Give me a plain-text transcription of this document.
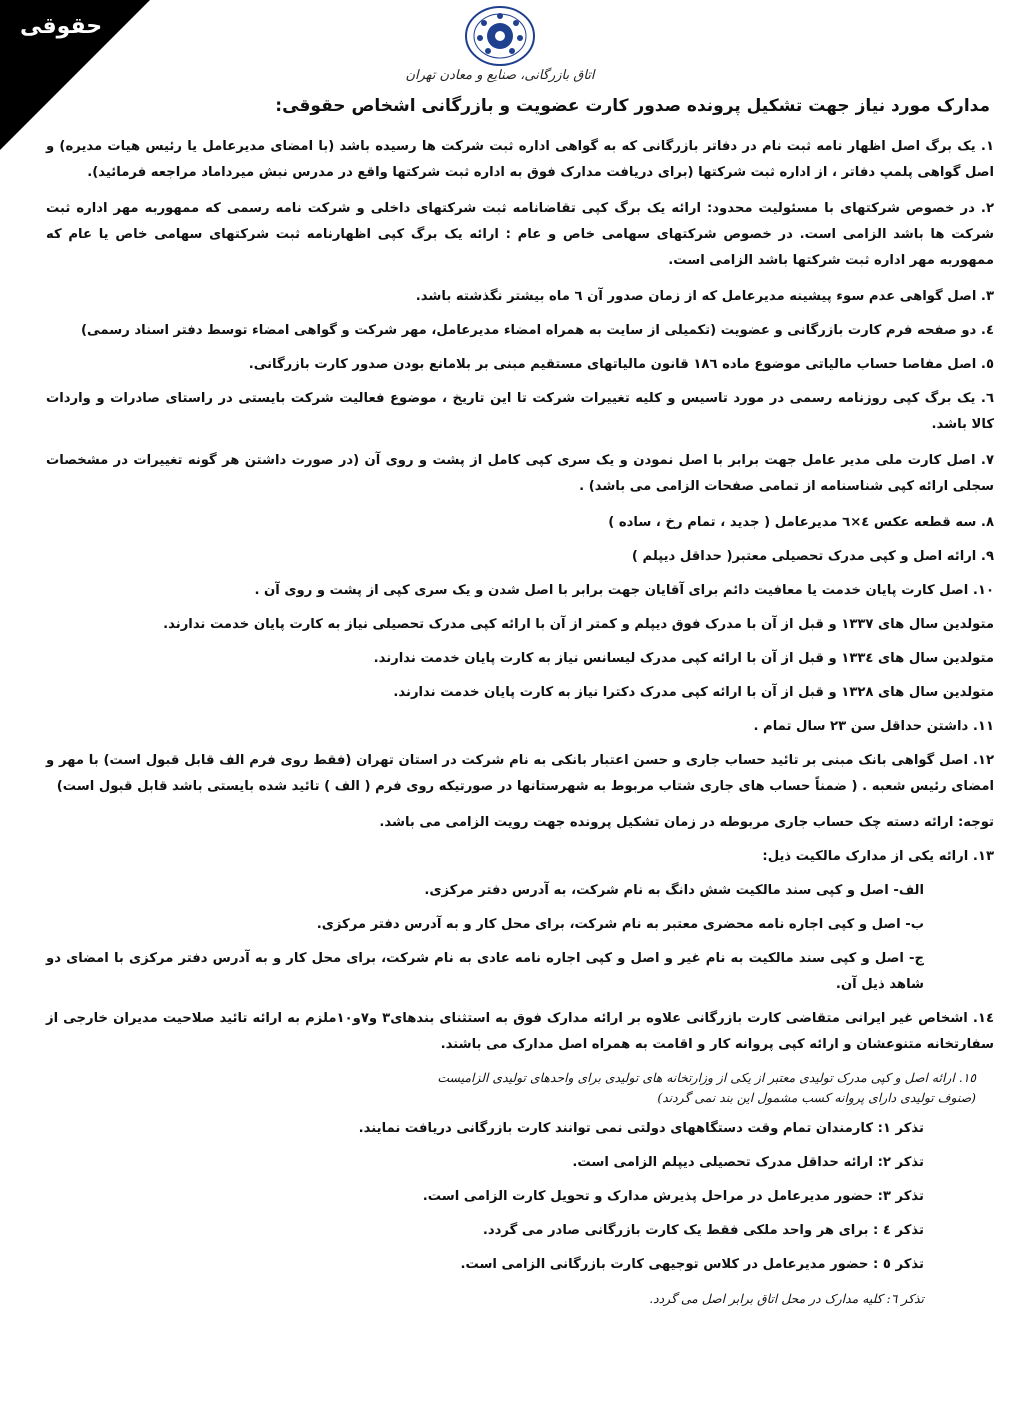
حقوقی
اتاق بازرگانی، صنایع و معادن تهران
مدارک مورد نیاز جهت تشکیل پرونده صدور کارت عضویت و بازرگانی اشخاص حقوقی:

۱. یک برگ اصل اظهار نامه ثبت نام در دفاتر بازرگانی که به گواهی اداره ثبت شرکت ها رسیده باشد (با امضای مدیرعامل یا رئیس هیات مدیره) و اصل گواهی پلمپ دفاتر ، از اداره ثبت شرکتها (برای دریافت مدارک فوق به اداره ثبت شرکتها واقع در مدرس نبش میرداماد مراجعه فرمائید).

۲. در خصوص شرکتهای با مسئولیت محدود: ارائه یک برگ کپی تقاضانامه ثبت شرکتهای داخلی و شرکت نامه رسمی که ممهوربه مهر اداره ثبت شرکت ها باشد الزامی است. در خصوص شرکتهای سهامی خاص و عام : ارائه یک برگ کپی اظهارنامه ثبت شرکتهای سهامی خاص یا عام که ممهوربه مهر اداره ثبت شرکتها باشد الزامی است.

۳. اصل گواهی عدم سوء پیشینه مدیرعامل که از زمان صدور آن ٦ ماه بیشتر نگذشته باشد.

٤. دو صفحه فرم کارت بازرگانی و عضویت (تکمیلی از سایت به همراه امضاء مدیرعامل، مهر شرکت و گواهی امضاء توسط دفتر اسناد رسمی)

٥. اصل مفاصا حساب مالیاتی موضوع ماده ۱۸٦ قانون مالیاتهای مستقیم مبنی بر بلامانع بودن صدور کارت بازرگانی.

٦. یک برگ کپی روزنامه رسمی در مورد تاسیس و کلیه تغییرات شرکت تا این تاریخ ، موضوع فعالیت شرکت بایستی در راستای صادرات و واردات کالا باشد.

۷. اصل کارت ملی مدیر عامل جهت برابر با اصل نمودن و یک سری کپی کامل از پشت و روی آن (در صورت داشتن هر گونه تغییرات در مشخصات سجلی ارائه کپی شناسنامه از تمامی صفحات الزامی می باشد) .

۸. سه قطعه عکس ٤×٦ مدیرعامل ( جدید ، تمام رخ ، ساده )

۹. ارائه اصل و کپی مدرک تحصیلی معتبر( حداقل دیپلم )

۱۰. اصل کارت پایان خدمت یا معافیت دائم برای آقایان جهت برابر با اصل شدن و یک سری کپی از پشت و روی آن .

متولدین سال های ۱۳۳۷ و قبل از آن با مدرک فوق دیپلم و کمتر از آن با ارائه کپی مدرک تحصیلی نیاز به کارت پایان خدمت ندارند.

متولدین سال های ۱۳۳٤ و قبل از آن با ارائه کپی مدرک لیسانس نیاز به کارت پایان خدمت ندارند.

متولدین سال های ۱۳۲۸ و قبل از آن با ارائه کپی مدرک دکترا نیاز به کارت پایان خدمت ندارند.

۱۱. داشتن حداقل سن ۲۳ سال تمام .

۱۲. اصل گواهی بانک مبنی بر تائید حساب جاری و حسن اعتبار بانکی به نام شرکت در استان تهران (فقط روی فرم الف قابل قبول است) با مهر و امضای رئیس شعبه . ( ضمناً حساب های جاری شتاب مربوط به شهرستانها در صورتیکه روی فرم ( الف ) تائید شده بایستی باشد قابل قبول است)

توجه: ارائه دسته چک حساب جاری مربوطه در زمان تشکیل پرونده جهت رویت الزامی می باشد.

۱۳. ارائه یکی از مدارک مالکیت ذیل:

الف- اصل و کپی سند مالکیت شش دانگ به نام شرکت، به آدرس دفتر مرکزی.

ب- اصل و کپی اجاره نامه محضری معتبر به نام شرکت، برای محل کار و به آدرس دفتر مرکزی.

ج- اصل و کپی سند مالکیت به نام غیر و اصل و کپی اجاره نامه عادی به نام شرکت، برای محل کار و به آدرس دفتر مرکزی با امضای دو شاهد ذیل آن.

۱٤. اشخاص غیر ایرانی متقاضی کارت بازرگانی علاوه بر ارائه مدارک فوق به استثنای بندهای۳ و۷و۱۰ملزم به ارائه تائید صلاحیت مدیران خارجی از سفارتخانه متنوعشان و ارائه کپی پروانه کار و اقامت به همراه اصل مدارک می باشند.

۱٥. ارائه اصل و کپی مدرک تولیدی معتبر از یکی از وزارتخانه های تولیدی برای واحدهای تولیدی الزامیست
(صنوف تولیدی دارای پروانه کسب مشمول این بند نمی گردند)

تذکر ۱: کارمندان تمام وقت دستگاههای دولتی نمی توانند کارت بازرگانی دریافت نمایند.

تذکر ۲: ارائه حداقل مدرک تحصیلی دیپلم الزامی است.

تذکر ۳: حضور مدیرعامل در مراحل پذیرش مدارک و تحویل کارت الزامی است.

تذکر ٤ : برای هر واحد ملکی فقط یک کارت بازرگانی صادر می گردد.

تذکر ٥ : حضور مدیرعامل در کلاس توجیهی کارت بازرگانی الزامی است.

تذکر ٦: کلیه مدارک در محل اتاق برابر اصل می گردد.
